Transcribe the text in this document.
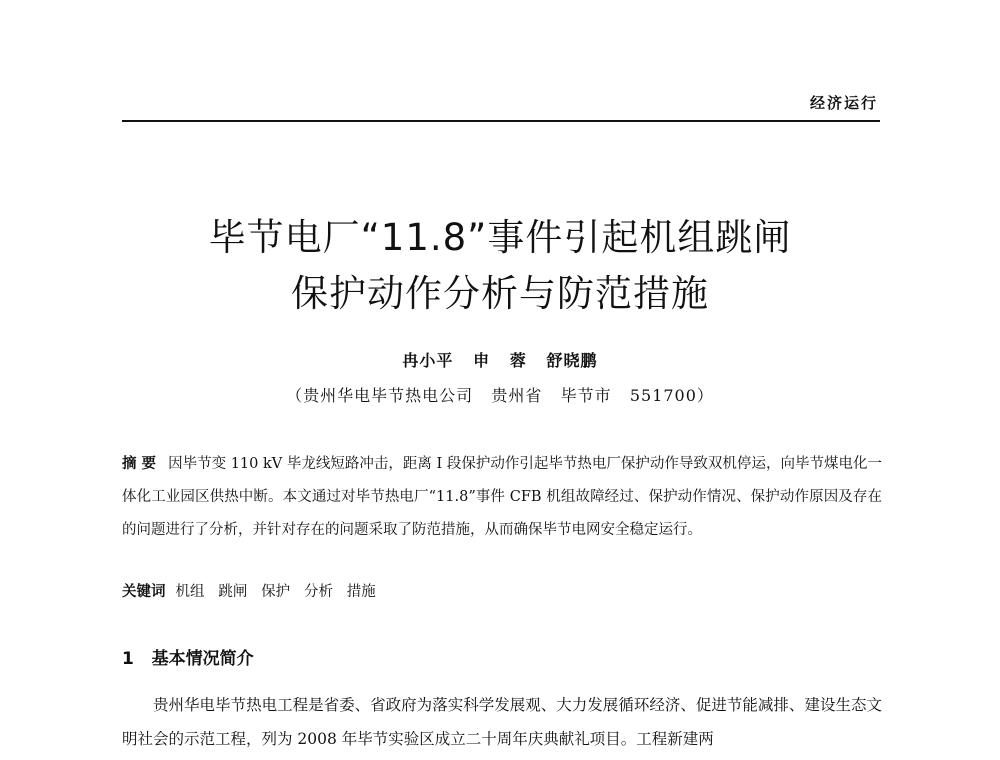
经济运行
毕节电厂“11.8”事件引起机组跳闸
保护动作分析与防范措施
冉小平   申   蓉   舒晓鹏
（贵州华电毕节热电公司   贵州省   毕节市   551700）
摘 要 因毕节变 110 kV 毕龙线短路冲击，距离 I 段保护动作引起毕节热电厂保护动作导致双机停运，向毕节煤电化一体化工业园区供热中断。本文通过对毕节热电厂“11.8”事件 CFB 机组故障经过、保护动作情况、保护动作原因及存在的问题进行了分析，并针对存在的问题采取了防范措施，从而确保毕节电网安全稳定运行。
关键词 机组   跳闸   保护   分析   措施
1   基本情况简介
贵州华电毕节热电工程是省委、省政府为落实科学发展观、大力发展循环经济、促进节能减排、建设生态文明社会的示范工程，列为 2008 年毕节实验区成立二十周年庆典献礼项目。工程新建两
